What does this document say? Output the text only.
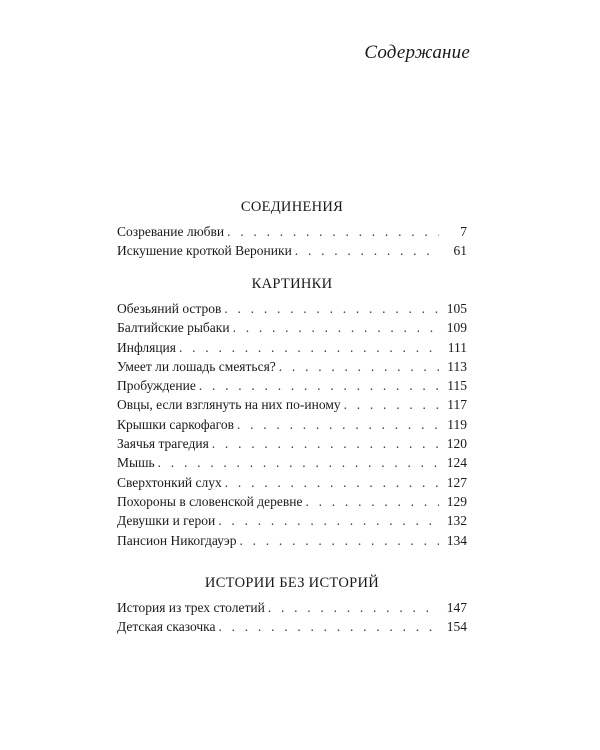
Содержание
СОЕДИНЕНИЯ
Созревание любви . . .	7
Искушение кроткой Вероники . . .	61
КАРТИНКИ
Обезьяний остров . . .	105
Балтийские рыбаки . . .	109
Инфляция . . .	111
Умеет ли лошадь смеяться? . . .	113
Пробуждение . . .	115
Овцы, если взглянуть на них по-иному . . .	117
Крышки саркофагов . . .	119
Заячья трагедия . . .	120
Мышь . . .	124
Сверхтонкий слух . . .	127
Похороны в словенской деревне . . .	129
Девушки и герои . . .	132
Пансион Никогдауэр . . .	134
ИСТОРИИ БЕЗ ИСТОРИЙ
История из трех столетий . . .	147
Детская сказочка . . .	154
